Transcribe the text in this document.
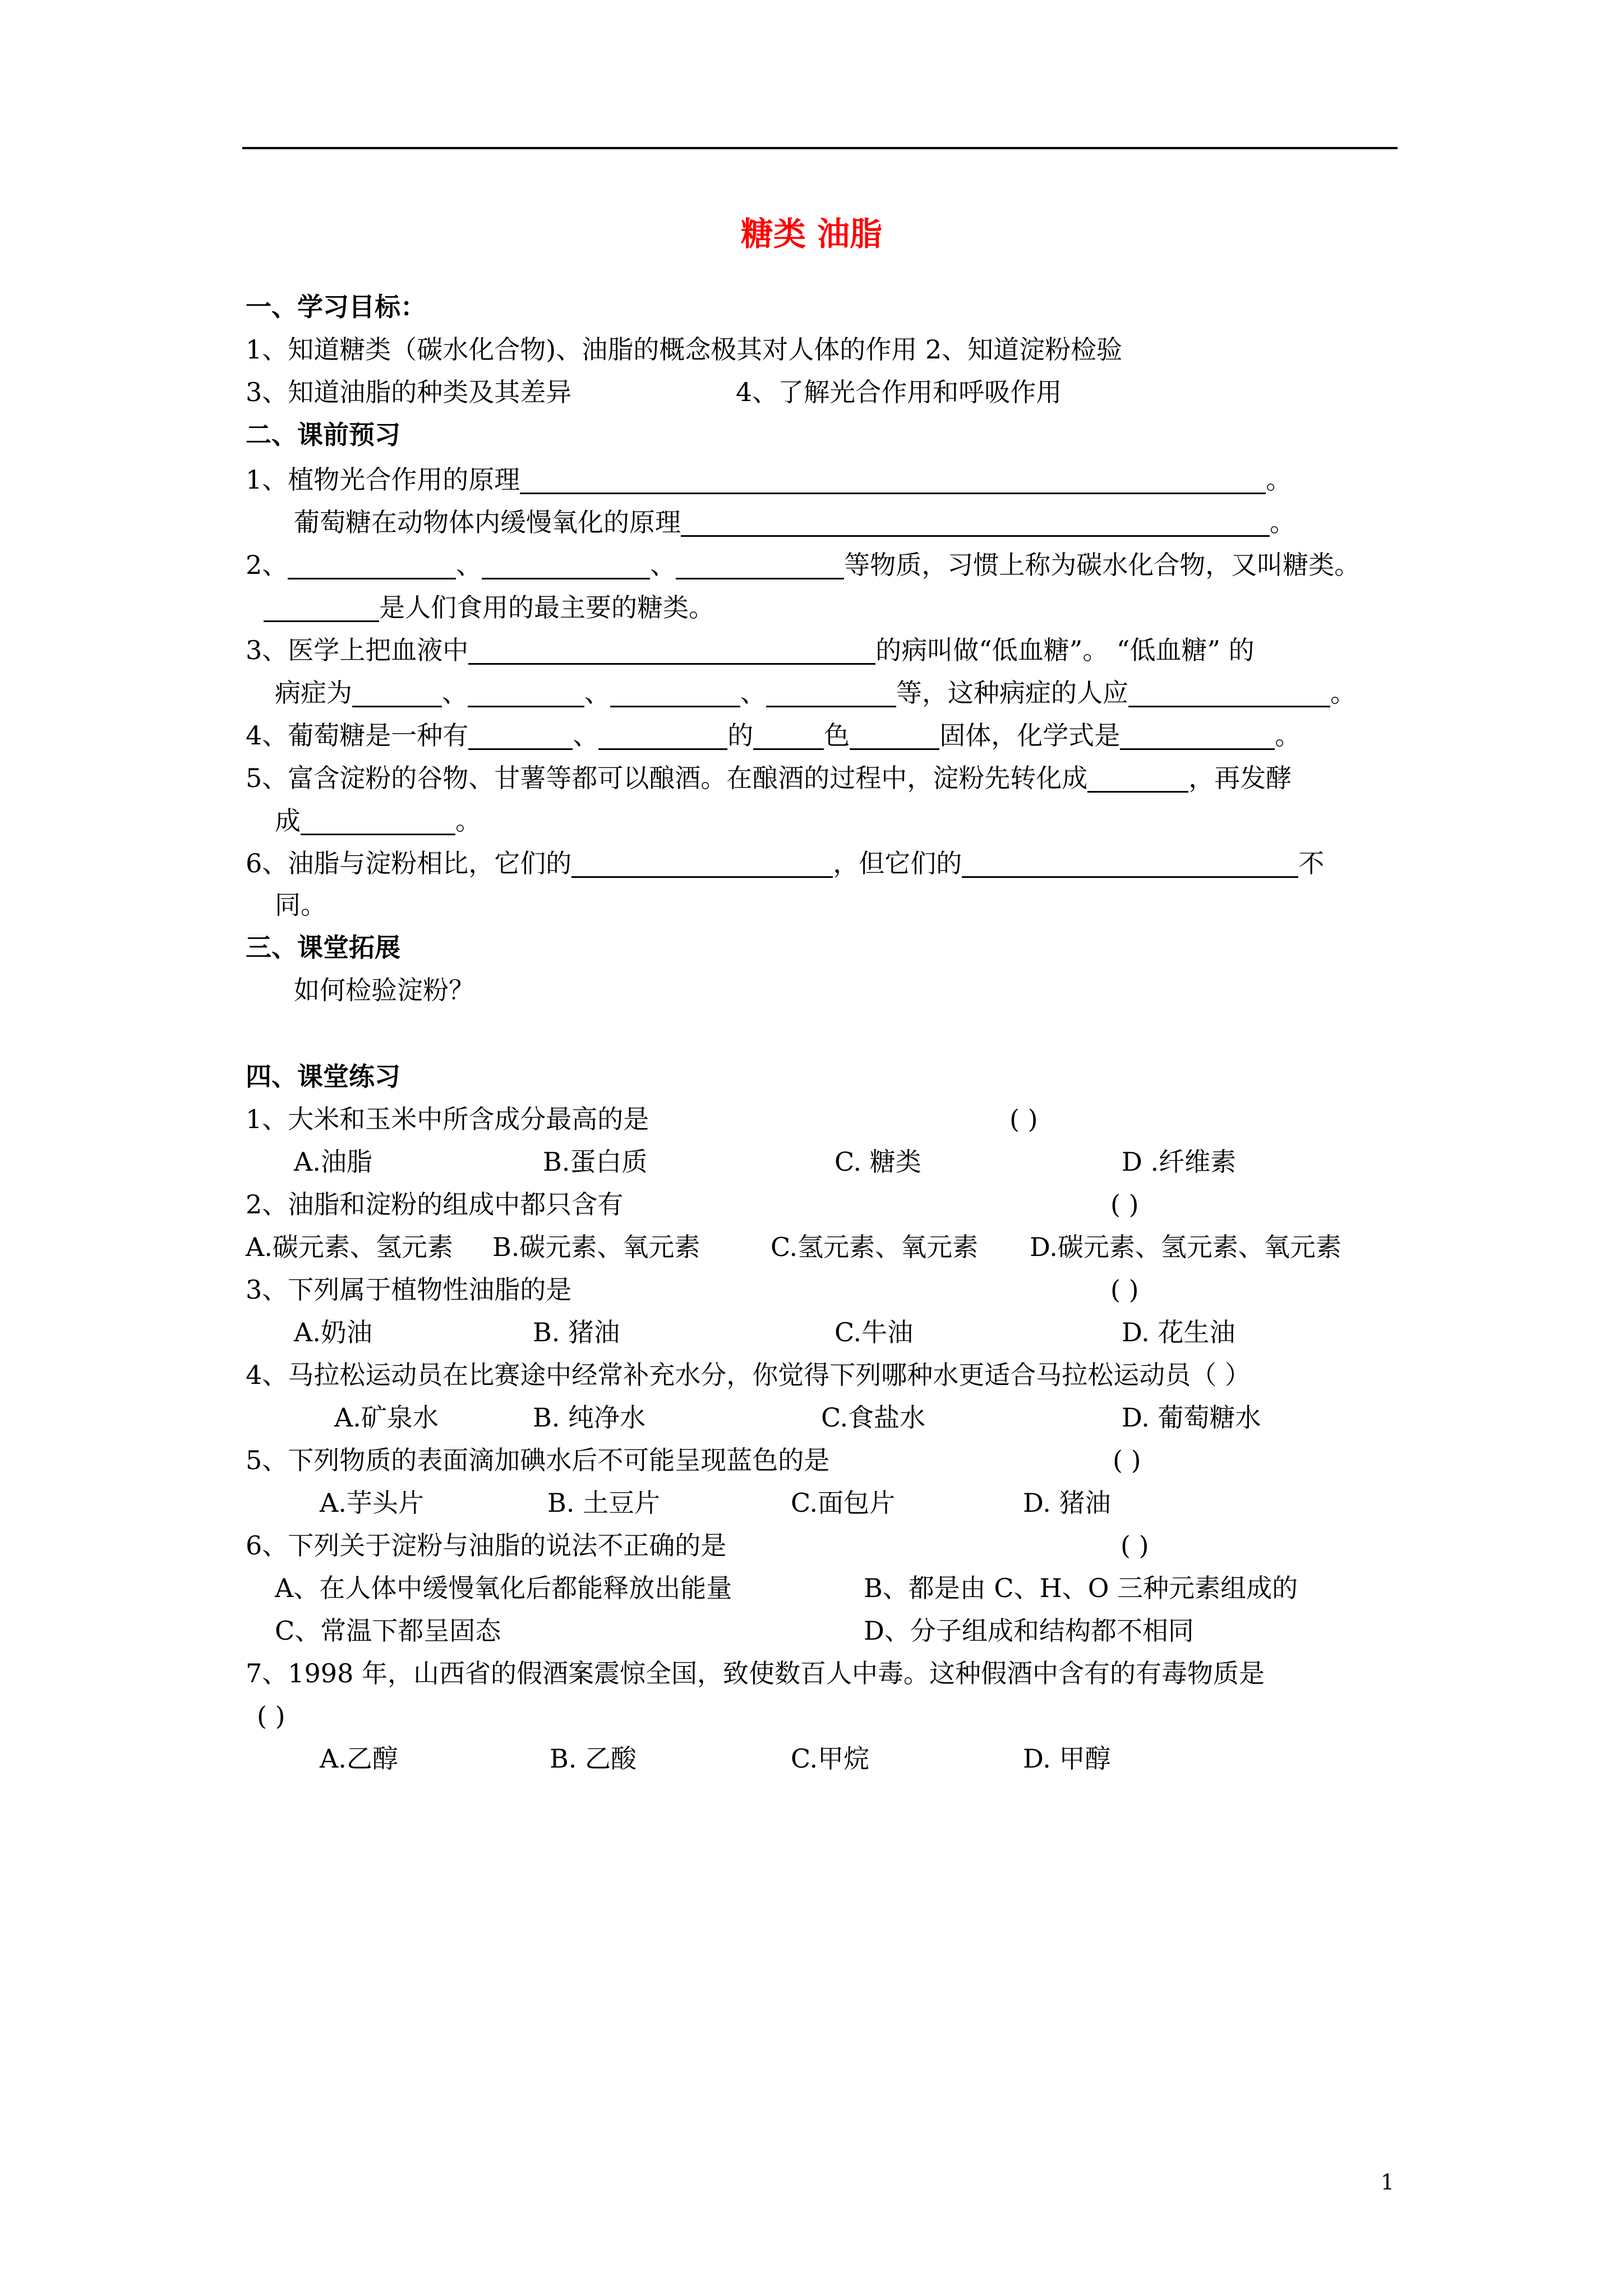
糖类 油脂
一、学习目标：
1、知道糖类（碳水化合物)、油脂的概念极其对人体的作用 2、知道淀粉检验
3、知道油脂的种类及其差异	4、了解光合作用和呼吸作用
二、课前预习
1、植物光合作用的原理	。
葡萄糖在动物体内缓慢氧化的原理	。
2、	、	、	等物质，习惯上称为碳水化合物，又叫糖类。
是人们食用的最主要的糖类。
3、医学上把血液中	的病叫做“低血糖”。 “低血糖” 的
病症为	、	、	、	等，这种病症的人应	。
4、葡萄糖是一种有	、	的	色	固体，化学式是	。
5、富含淀粉的谷物、甘薯等都可以酿酒。在酿酒的过程中，淀粉先转化成	，再发酵
成	。
6、油脂与淀粉相比，它们的	，但它们的	不
同。
三、课堂拓展
如何检验淀粉？
四、课堂练习
1、大米和玉米中所含成分最高的是	( )
A.油脂	B.蛋白质	C. 糖类	D .纤维素
2、油脂和淀粉的组成中都只含有	( )
A.碳元素、氢元素 B.碳元素、氧元素	C.氢元素、氧元素 D.碳元素、氢元素、氧元素
3、下列属于植物性油脂的是	( )
A.奶油	B. 猪油	C.牛油	D. 花生油
4、马拉松运动员在比赛途中经常补充水分，你觉得下列哪种水更适合马拉松运动员（ ）
A.矿泉水	B. 纯净水	C.食盐水	D. 葡萄糖水
5、下列物质的表面滴加碘水后不可能呈现蓝色的是	( )
A.芋头片	B. 土豆片	C.面包片	D. 猪油
6、下列关于淀粉与油脂的说法不正确的是	( )
A、在人体中缓慢氧化后都能释放出能量	B、都是由 C、H、O 三种元素组成的
C、常温下都呈固态	D、分子组成和结构都不相同
7、1998 年，山西省的假酒案震惊全国，致使数百人中毒。这种假酒中含有的有毒物质是
( )
A.乙醇	B. 乙酸	C.甲烷	D. 甲醇
1
